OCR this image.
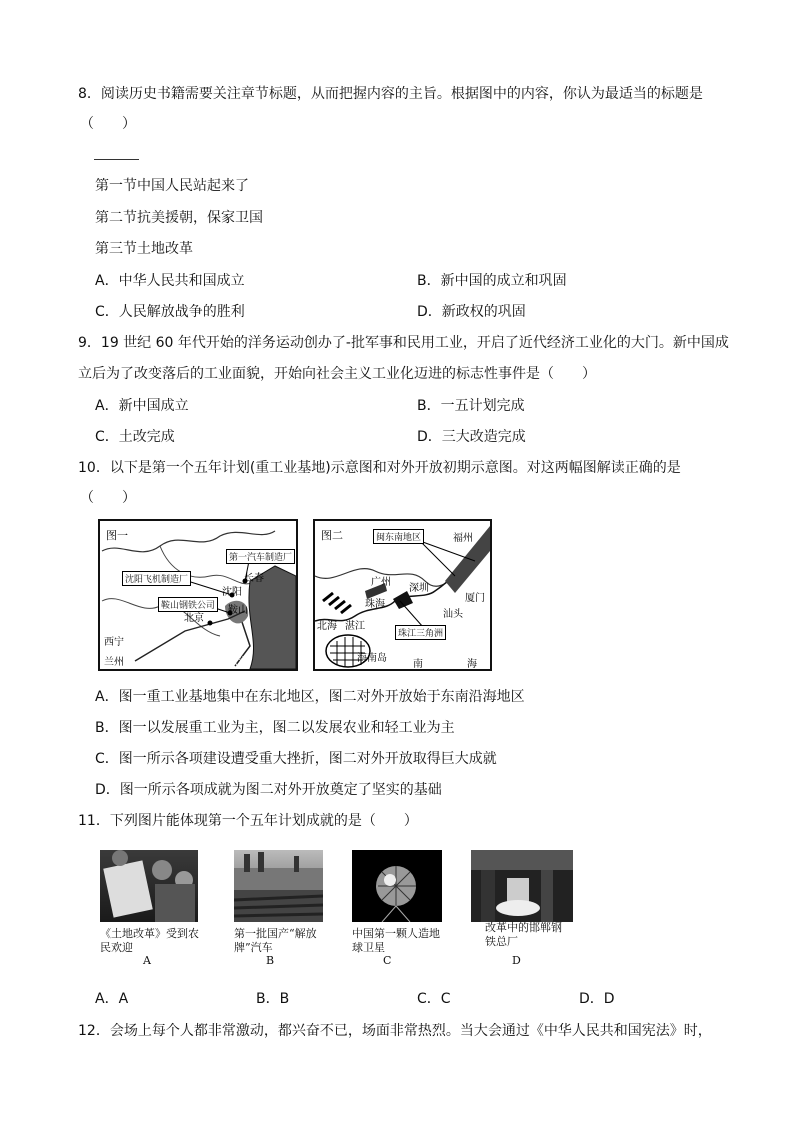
8．阅读历史书籍需要关注章节标题，从而把握内容的主旨。根据图中的内容，你认为最适当的标题是
（　　）
第一节中国人民站起来了
第二节抗美援朝，保家卫国
第三节土地改革
A．中华人民共和国成立	B．新中国的成立和巩固
C．人民解放战争的胜利	D．新政权的巩固
9．19 世纪 60 年代开始的洋务运动创办了-批军事和民用工业，开启了近代经济工业化的大门。新中国成
立后为了改变落后的工业面貌，开始向社会主义工业化迈进的标志性事件是（　　）
A．新中国成立	B．一五计划完成
C．土改完成	D．三大改造完成
10．以下是第一个五年计划(重工业基地)示意图和对外开放初期示意图。对这两幅图解读正确的是
（　　）
图一
沈阳飞机制造厂
第一汽车制造厂
鞍山钢铁公司
沈阳
长春
北京
鞍山
西宁
兰州	连云港
图二	闽东南地区	福州
广州
深圳
厦门
汕头
珠海
北海 湛江
珠江三角洲
海南岛
南	海
A．图一重工业基地集中在东北地区，图二对外开放始于东南沿海地区
B．图一以发展重工业为主，图二以发展农业和轻工业为主
C．图一所示各项建设遭受重大挫折，图二对外开放取得巨大成就
D．图一所示各项成就为图二对外开放奠定了坚实的基础
11．下列图片能体现第一个五年计划成就的是（　　）
《土地改革》受到农民欢迎
A
第一批国产“解放牌”汽车
B
中国第一颗人造地球卫星
C
改革中的邯郸钢铁总厂
D
A．A	B．B	C．C	D．D
12．会场上每个人都非常激动，都兴奋不已，场面非常热烈。当大会通过《中华人民共和国宪法》时，
